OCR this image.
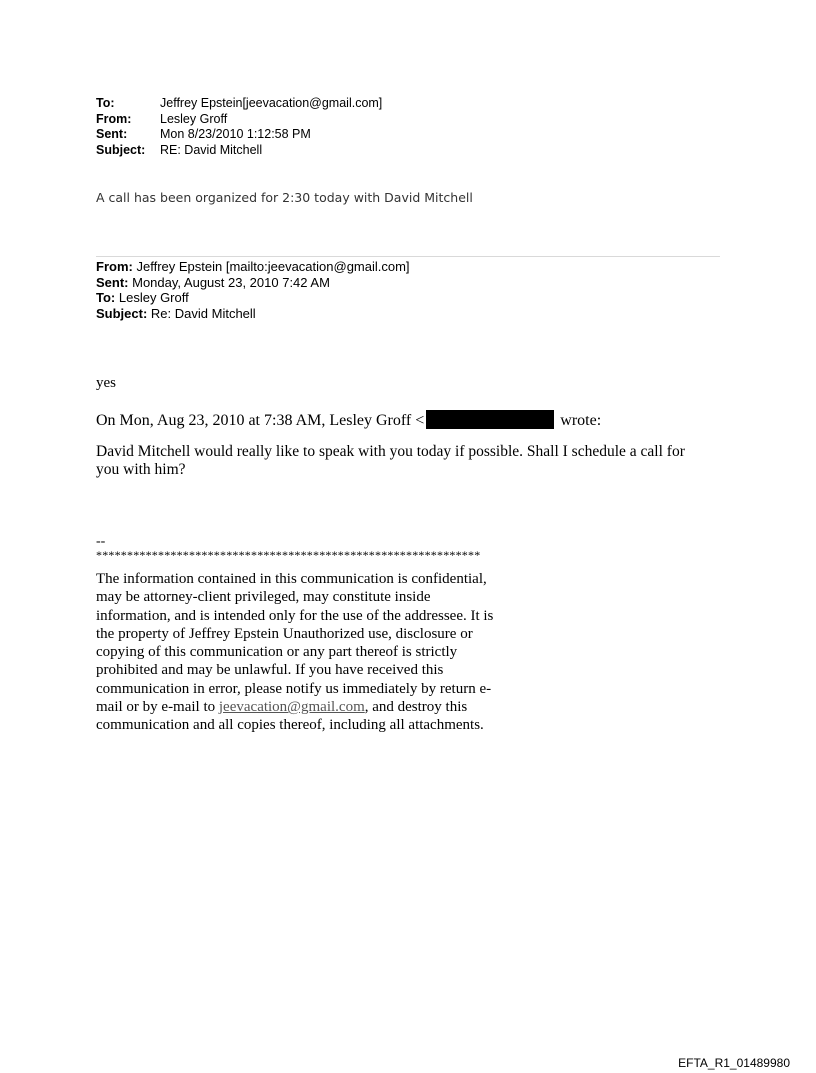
To:	Jeffrey Epstein[jeevacation@gmail.com]
From:	Lesley Groff
Sent:	Mon 8/23/2010 1:12:58 PM
Subject:	RE: David Mitchell
A call has been organized for 2:30 today with David Mitchell
From: Jeffrey Epstein [mailto:jeevacation@gmail.com]
Sent: Monday, August 23, 2010 7:42 AM
To: Lesley Groff
Subject: Re: David Mitchell
yes
On Mon, Aug 23, 2010 at 7:38 AM, Lesley Groff <	wrote:
David Mitchell would really like to speak with you today if possible. Shall I schedule a call for you with him?
--
**************************************************************
The information contained in this communication is confidential, may be attorney-client privileged, may constitute inside information, and is intended only for the use of the addressee. It is the property of Jeffrey Epstein Unauthorized use, disclosure or copying of this communication or any part thereof is strictly prohibited and may be unlawful. If you have received this communication in error, please notify us immediately by return e-mail or by e-mail to jeevacation@gmail.com, and destroy this communication and all copies thereof, including all attachments.
EFTA_R1_01489980
